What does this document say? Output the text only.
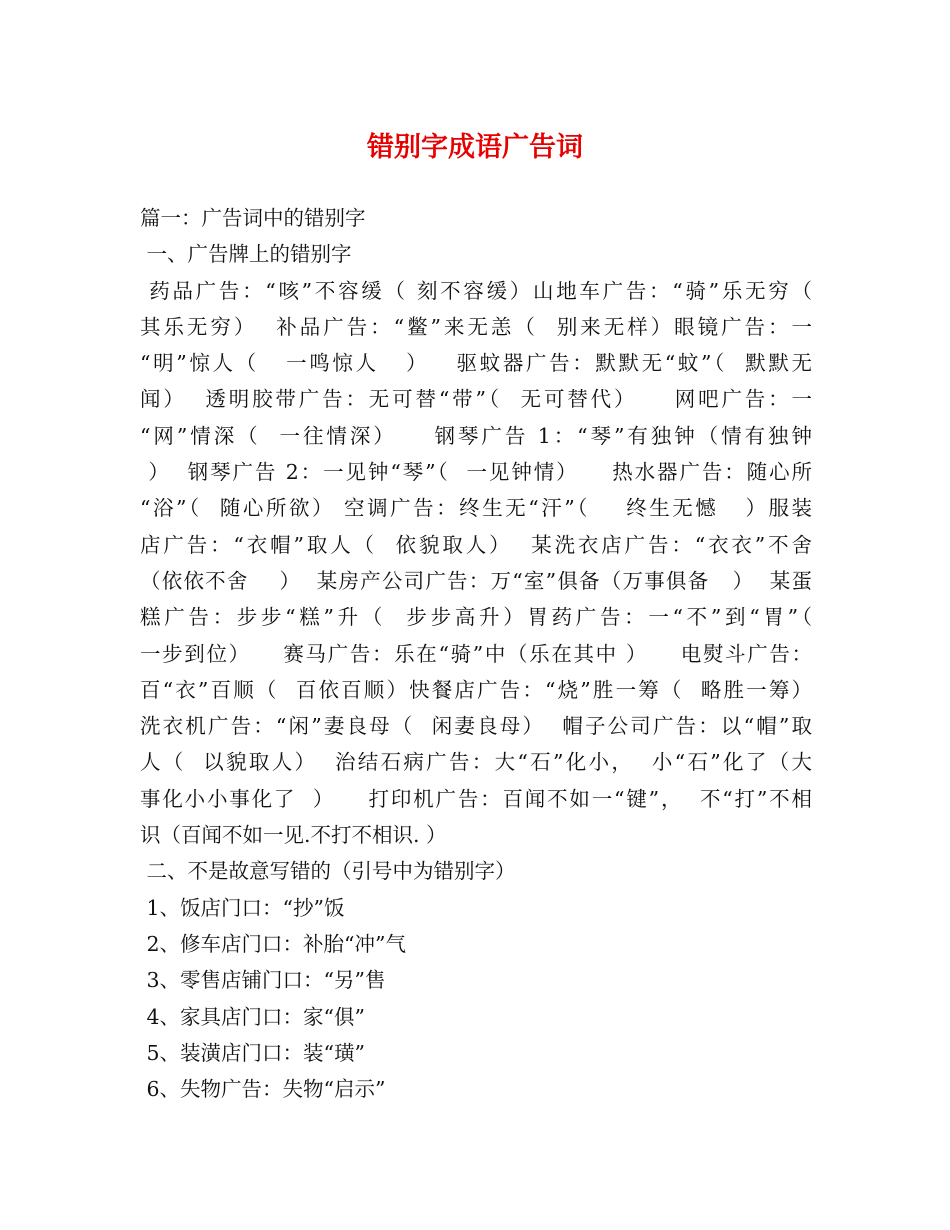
错别字成语广告词
篇一：广告词中的错别字
一、广告牌上的错别字
药品广告：“咳”不容缓（ 刻不容缓）山地车广告：“骑”乐无穷（
其乐无穷）  补品广告：“鳖”来无恙（  别来无样）眼镜广告：一
“明”惊人（   一鸣惊人   ）   驱蚊器广告：默默无“蚊”（  默默无
闻）  透明胶带广告：无可替“带”（  无可替代）    网吧广告：一
“网”情深（  一往情深）    钢琴广告 1：“琴”有独钟（情有独钟
）  钢琴广告 2：一见钟“琴”（  一见钟情）    热水器广告：随心所
“浴”（  随心所欲） 空调广告：终生无“汗”（    终生无憾   ）服装
店广告：“衣帽”取人（  依貌取人）  某洗衣店广告：“衣衣”不舍
（依依不舍    ）  某房产公司广告：万“室”俱备（万事俱备   ）  某蛋
糕广告：步步“糕”升（  步步高升）胃药广告：一“不”到“胃”（
一步到位）    赛马广告：乐在“骑”中（乐在其中 ）    电熨斗广告：
百“衣”百顺（  百依百顺）快餐店广告：“烧”胜一筹（  略胜一筹）
洗衣机广告：“闲”妻良母（  闲妻良母）  帽子公司广告：以“帽”取
人（  以貌取人）  治结石病广告：大“石”化小，  小“石”化了（大
事化小小事化了  ）    打印机广告：百闻不如一“键”，  不“打”不相
识（百闻不如一见.不打不相识. ）
二、不是故意写错的（引号中为错别字）
1、饭店门口：“抄”饭
2、修车店门口：补胎“冲”气
3、零售店铺门口：“另”售
4、家具店门口：家“俱”
5、装潢店门口：装“璜”
6、失物广告：失物“启示”
